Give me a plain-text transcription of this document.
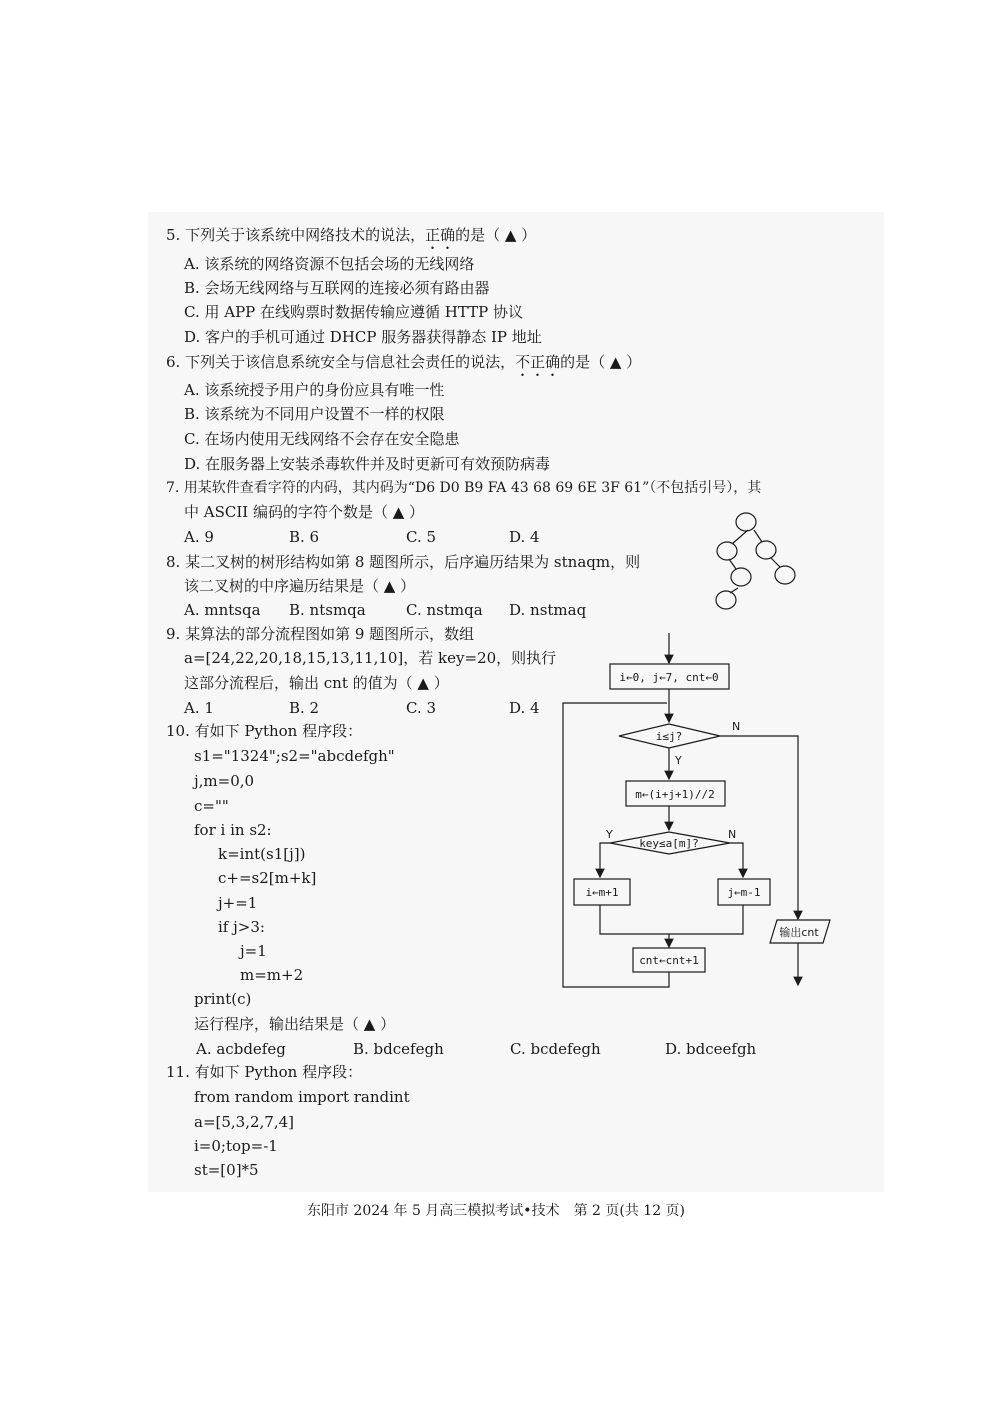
5. 下列关于该系统中网络技术的说法，正确的是（ ▲ ）
A. 该系统的网络资源不包括会场的无线网络
B. 会场无线网络与互联网的连接必须有路由器
C. 用 APP 在线购票时数据传输应遵循 HTTP 协议
D. 客户的手机可通过 DHCP 服务器获得静态 IP 地址
6. 下列关于该信息系统安全与信息社会责任的说法，不正确的是（ ▲ ）
A. 该系统授予用户的身份应具有唯一性
B. 该系统为不同用户设置不一样的权限
C. 在场内使用无线网络不会存在安全隐患
D. 在服务器上安装杀毒软件并及时更新可有效预防病毒
7. 用某软件查看字符的内码，其内码为“D6 D0 B9 FA 43 68 69 6E 3F 61”（不包括引号），其
中 ASCII 编码的字符个数是（ ▲ ）
A. 9	B. 6	C. 5	D. 4
8. 某二叉树的树形结构如第 8 题图所示，后序遍历结果为 stnaqm，则
该二叉树的中序遍历结果是（ ▲ ）
A. mntsqa B. ntsmqa	C. nstmqa D. nstmaq
9. 某算法的部分流程图如第 9 题图所示，数组
a=[24,22,20,18,15,13,11,10]，若 key=20，则执行
这部分流程后，输出 cnt 的值为（ ▲ ）
A. 1	B. 2	C. 3	D. 4
i←0, j←7, cnt←0
i≤j?
Y
N
m←(i+j+1)//2
key≤a[m]?
Y	N
i←m+1	j←m-1
cnt←cnt+1
输出cnt
10. 有如下 Python 程序段：
s1="1324";s2="abcdefgh"
j,m=0,0
c=""
for i in s2:
k=int(s1[j])
c+=s2[m+k]
j+=1
if j>3:
j=1
m=m+2
print(c)
运行程序，输出结果是（ ▲ ）
A. acbdefeg	B. bdcefegh	C. bcdefegh	D. bdceefgh
11. 有如下 Python 程序段：
from random import randint
a=[5,3,2,7,4]
i=0;top=-1
st=[0]*5
东阳市 2024 年 5 月高三模拟考试•技术　第 2 页(共 12 页)
